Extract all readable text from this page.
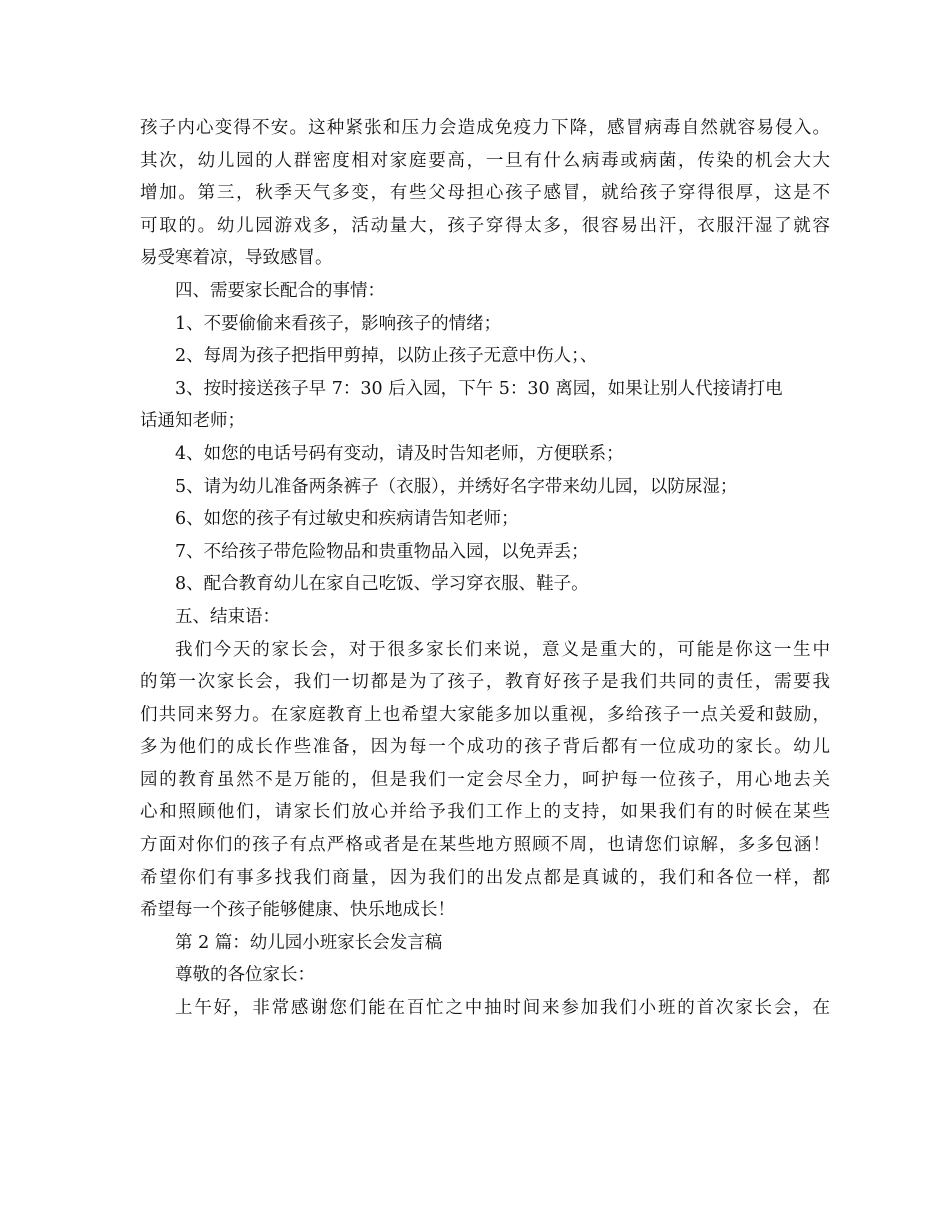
孩子内心变得不安。这种紧张和压力会造成免疫力下降，感冒病毒自然就容易侵入。
其次，幼儿园的人群密度相对家庭要高，一旦有什么病毒或病菌，传染的机会大大
增加。第三，秋季天气多变，有些父母担心孩子感冒，就给孩子穿得很厚，这是不
可取的。幼儿园游戏多，活动量大，孩子穿得太多，很容易出汗，衣服汗湿了就容
易受寒着凉，导致感冒。
四、需要家长配合的事情：
1、不要偷偷来看孩子，影响孩子的情绪；
2、每周为孩子把指甲剪掉，以防止孩子无意中伤人；、
3、按时接送孩子早 7：30 后入园，下午 5：30 离园，如果让别人代接请打电
话通知老师；
4、如您的电话号码有变动，请及时告知老师，方便联系；
5、请为幼儿准备两条裤子（衣服），并绣好名字带来幼儿园，以防尿湿；
6、如您的孩子有过敏史和疾病请告知老师；
7、不给孩子带危险物品和贵重物品入园，以免弄丢；
8、配合教育幼儿在家自己吃饭、学习穿衣服、鞋子。
五、结束语：
我们今天的家长会，对于很多家长们来说，意义是重大的，可能是你这一生中
的第一次家长会，我们一切都是为了孩子，教育好孩子是我们共同的责任，需要我
们共同来努力。在家庭教育上也希望大家能多加以重视，多给孩子一点关爱和鼓励，
多为他们的成长作些准备，因为每一个成功的孩子背后都有一位成功的家长。幼儿
园的教育虽然不是万能的，但是我们一定会尽全力，呵护每一位孩子，用心地去关
心和照顾他们，请家长们放心并给予我们工作上的支持，如果我们有的时候在某些
方面对你们的孩子有点严格或者是在某些地方照顾不周，也请您们谅解，多多包涵！
希望你们有事多找我们商量，因为我们的出发点都是真诚的，我们和各位一样，都
希望每一个孩子能够健康、快乐地成长！
第 2 篇：幼儿园小班家长会发言稿
尊敬的各位家长：
上午好，非常感谢您们能在百忙之中抽时间来参加我们小班的首次家长会，在
